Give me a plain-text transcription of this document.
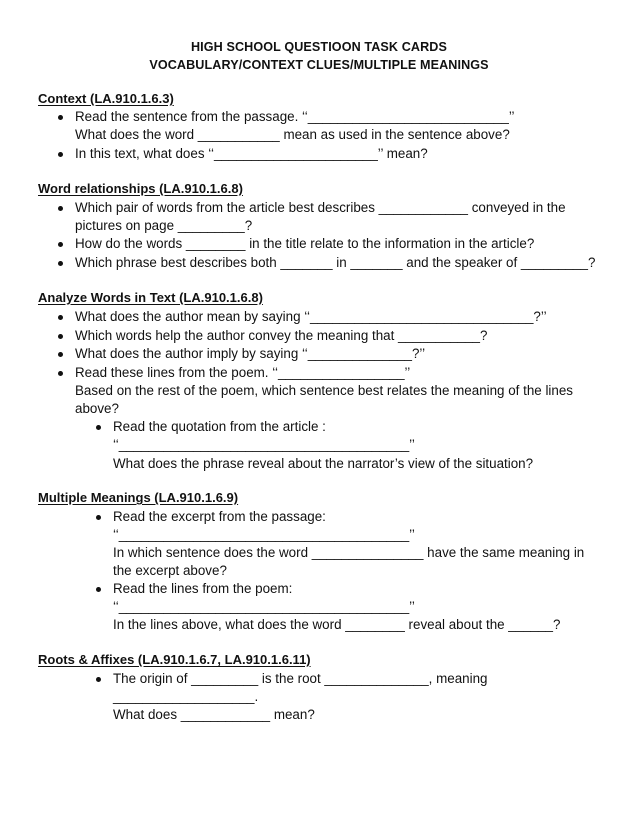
HIGH SCHOOL QUESTIOON TASK CARDS
VOCABULARY/CONTEXT CLUES/MULTIPLE MEANINGS
Context (LA.910.1.6.3)
Read the sentence from the passage. ‘‘___________________________’’
What does the word ___________ mean as used in the sentence above?
In this text, what does ‘‘______________________’’ mean?
Word relationships (LA.910.1.6.8)
Which pair of words from the article best describes ____________ conveyed in the
pictures on page _________?
How do the words ________ in the title relate to the information in the article?
Which phrase best describes both _______ in _______ and the speaker of _________?
Analyze Words in Text (LA.910.1.6.8)
What does the author mean by saying ‘‘______________________________?’’
Which words help the author convey the meaning that ___________?
What does the author imply by saying ‘‘______________?’’
Read these lines from the poem. ‘‘_________________’’
Based on the rest of the poem, which sentence best relates the meaning of the lines
above?
Read the quotation from the article :
‘‘_______________________________________’’
What does the phrase reveal about the narrator’s view of the situation?
Multiple Meanings (LA.910.1.6.9)
Read the excerpt from the passage:
‘‘_______________________________________’’
In which sentence does the word _______________ have the same meaning in
the excerpt above?
Read the lines from the poem:
‘‘_______________________________________’’
In the lines above, what does the word ________ reveal about the ______?
Roots & Affixes (LA.910.1.6.7, LA.910.1.6.11)
The origin of _________ is the root ______________, meaning
___________________.
What does ____________ mean?
